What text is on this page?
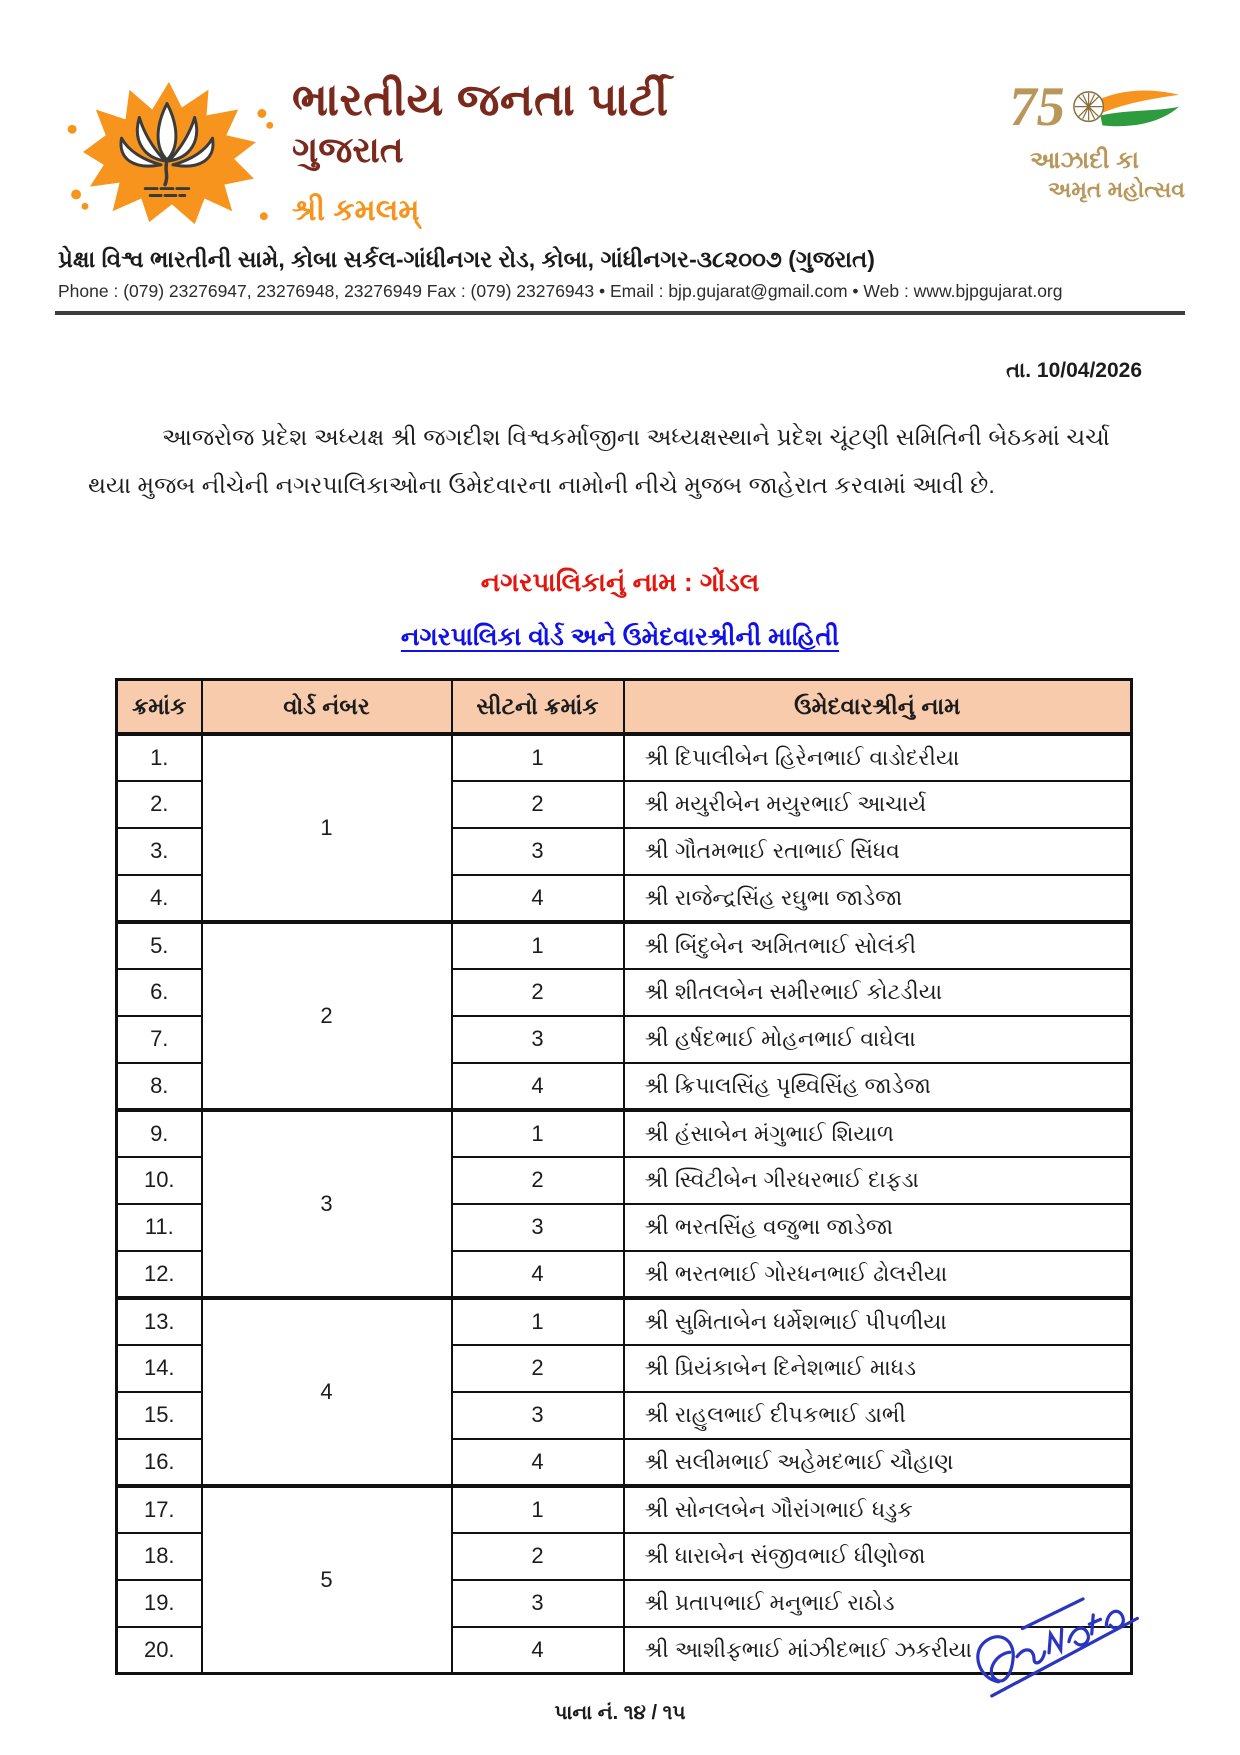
ભારતીય જનતા પાર્ટી
ગુજરાત
શ્રી કમલમ્
75
આઝાદી કા
અમૃત મહોત્સવ
પ્રેક્ષા વિશ્વ ભારતીની સામે, કોબા સર્કલ-ગાંધીનગર રોડ, કોબા, ગાંધીનગર-૩૮૨૦૦૭ (ગુજરાત)
Phone : (079) 23276947, 23276948, 23276949 Fax : (079) 23276943 • Email : bjp.gujarat@gmail.com • Web : www.bjpgujarat.org
તા. 10/04/2026

આજરોજ પ્રદેશ અધ્યક્ષ શ્રી જગદીશ વિશ્વકર્માજીના અધ્યક્ષસ્થાને પ્રદેશ ચૂંટણી સમિતિની બેઠકમાં ચર્ચા થયા મુજબ નીચેની નગરપાલિકાઓના ઉમેદવારના નામોની નીચે મુજબ જાહેરાત કરવામાં આવી છે.

નગરપાલિકાનું નામ : ગોંડલ
નગરપાલિકા વોર્ડ અને ઉમેદવારશ્રીની માહિતી
ક્રમાંક	વોર્ડ નંબર	સીટનો ક્રમાંક	ઉમેદવારશ્રીનું નામ
1.	1	1	શ્રી દિપાલીબેન હિરેનભાઈ વાડોદરીયા
2.		2	શ્રી મયુરીબેન મયુરભાઈ આચાર્ય
3.		3	શ્રી ગૌતમભાઈ રતાભાઈ સિંધવ
4.		4	શ્રી રાજેન્દ્રસિંહ રઘુભા જાડેજા
5.	2	1	શ્રી બિંદુબેન અમિતભાઈ સોલંકી
6.		2	શ્રી શીતલબેન સમીરભાઈ કોટડીયા
7.		3	શ્રી હર્ષદભાઈ મોહનભાઈ વાઘેલા
8.		4	શ્રી ક્રિપાલસિંહ પૃથ્વિસિંહ જાડેજા
9.	3	1	શ્રી હંસાબેન મંગુભાઈ શિયાળ
10.		2	શ્રી સ્વિટીબેન ગીરધરભાઈ દાફડા
11.		3	શ્રી ભરતસિંહ વજુભા જાડેજા
12.		4	શ્રી ભરતભાઈ ગોરધનભાઈ ઢોલરીયા
13.	4	1	શ્રી સુમિતાબેન ધર્મેશભાઈ પીપળીયા
14.		2	શ્રી પ્રિયંકાબેન દિનેશભાઈ માધડ
15.		3	શ્રી રાહુલભાઈ દીપકભાઈ ડાભી
16.		4	શ્રી સલીમભાઈ અહેમદભાઈ ચૌહાણ
17.	5	1	શ્રી સોનલબેન ગૌરાંગભાઈ ધડુક
18.		2	શ્રી ધારાબેન સંજીવભાઈ ધીણોજા
19.		3	શ્રી પ્રતાપભાઈ મનુભાઈ રાઠોડ
20.		4	શ્રી આશીફભાઈ માંઝીદભાઈ ઝકરીયા
પાના નં. ૧૪ / ૧૫
